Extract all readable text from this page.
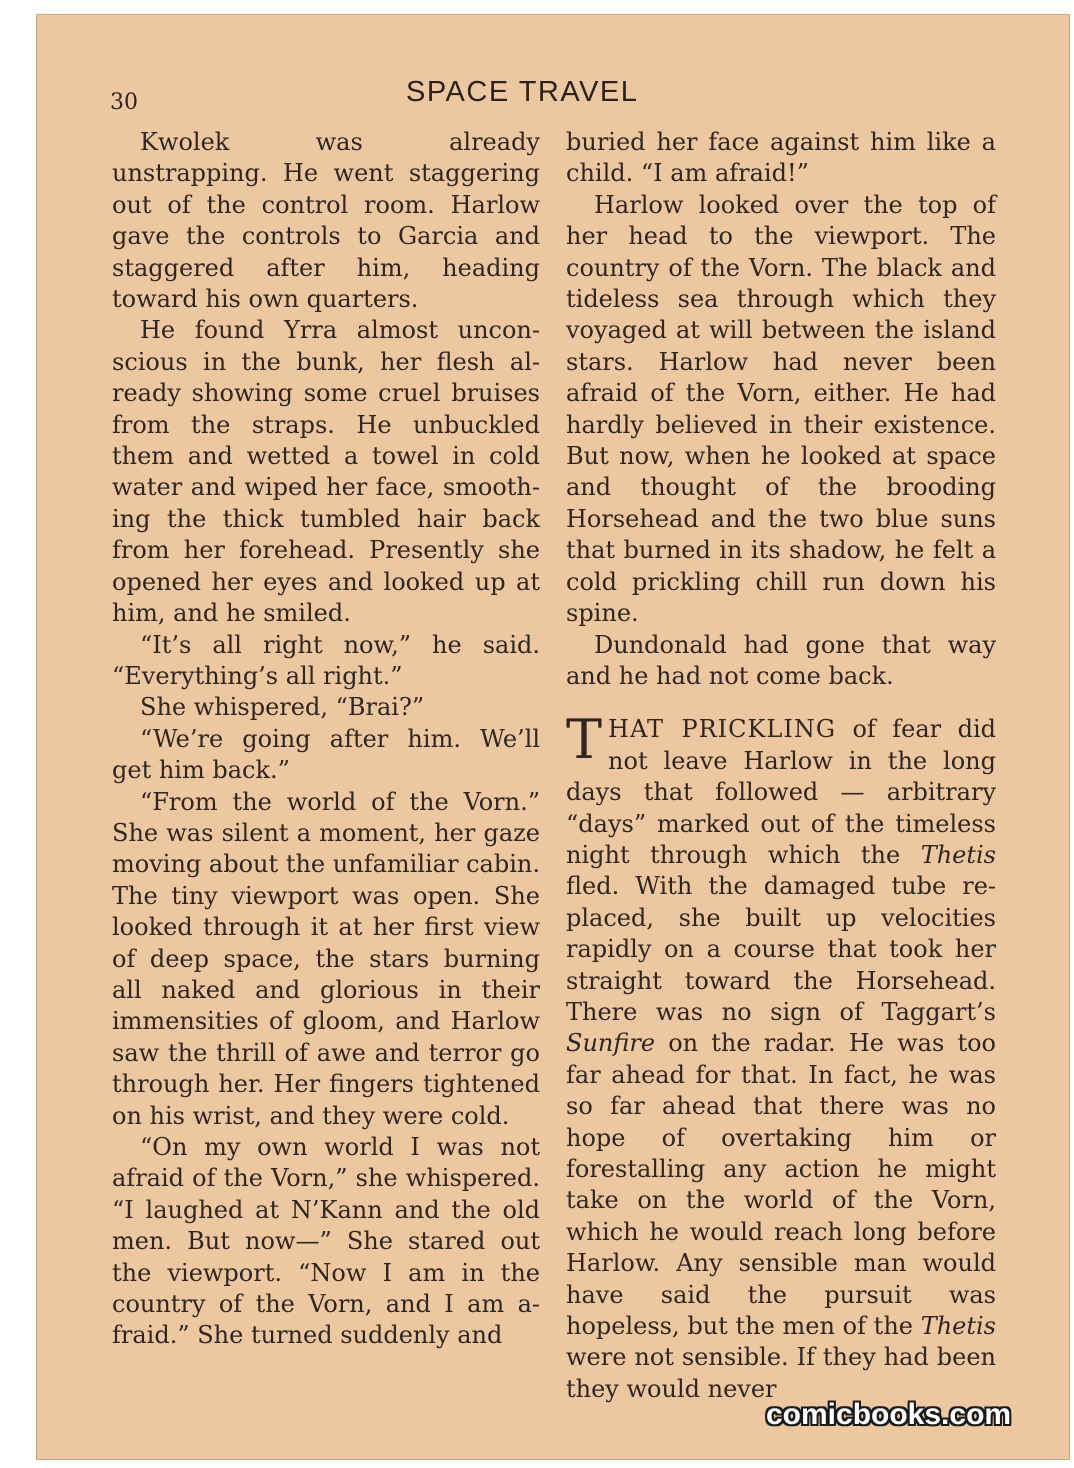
30	SPACE TRAVEL

Kwolek was already unstrapping. He went staggering out of the control room. Harlow gave the controls to Garcia and staggered after him, heading toward his own quarters.

He found Yrra almost unconscious in the bunk, her flesh already showing some cruel bruises from the straps. He unbuckled them and wetted a towel in cold water and wiped her face, smoothing the thick tumbled hair back from her forehead. Presently she opened her eyes and looked up at him, and he smiled.

“It’s all right now,” he said. “Everything’s all right.”

She whispered, “Brai?”

“We’re going after him. We’ll get him back.”

“From the world of the Vorn.” She was silent a moment, her gaze moving about the unfamiliar cabin. The tiny viewport was open. She looked through it at her first view of deep space, the stars burning all naked and glorious in their immensities of gloom, and Harlow saw the thrill of awe and terror go through her. Her fingers tightened on his wrist, and they were cold.

“On my own world I was not afraid of the Vorn,” she whispered. “I laughed at N’Kann and the old men. But now—” She stared out the viewport. “Now I am in the country of the Vorn, and I am afraid.” She turned suddenly and

buried her face against him like a child. “I am afraid!”

Harlow looked over the top of her head to the viewport. The country of the Vorn. The black and tideless sea through which they voyaged at will between the island stars. Harlow had never been afraid of the Vorn, either. He had hardly believed in their existence. But now, when he looked at space and thought of the brooding Horsehead and the two blue suns that burned in its shadow, he felt a cold prickling chill run down his spine.

Dundonald had gone that way and he had not come back.

THAT PRICKLING of fear did not leave Harlow in the long days that followed — arbitrary “days” marked out of the timeless night through which the Thetis fled. With the damaged tube replaced, she built up velocities rapidly on a course that took her straight toward the Horsehead. There was no sign of Taggart’s Sunfire on the radar. He was too far ahead for that. In fact, he was so far ahead that there was no hope of overtaking him or forestalling any action he might take on the world of the Vorn, which he would reach long before Harlow. Any sensible man would have said the pursuit was hopeless, but the men of the Thetis were not sensible. If they had been they would never

comicbooks.com
